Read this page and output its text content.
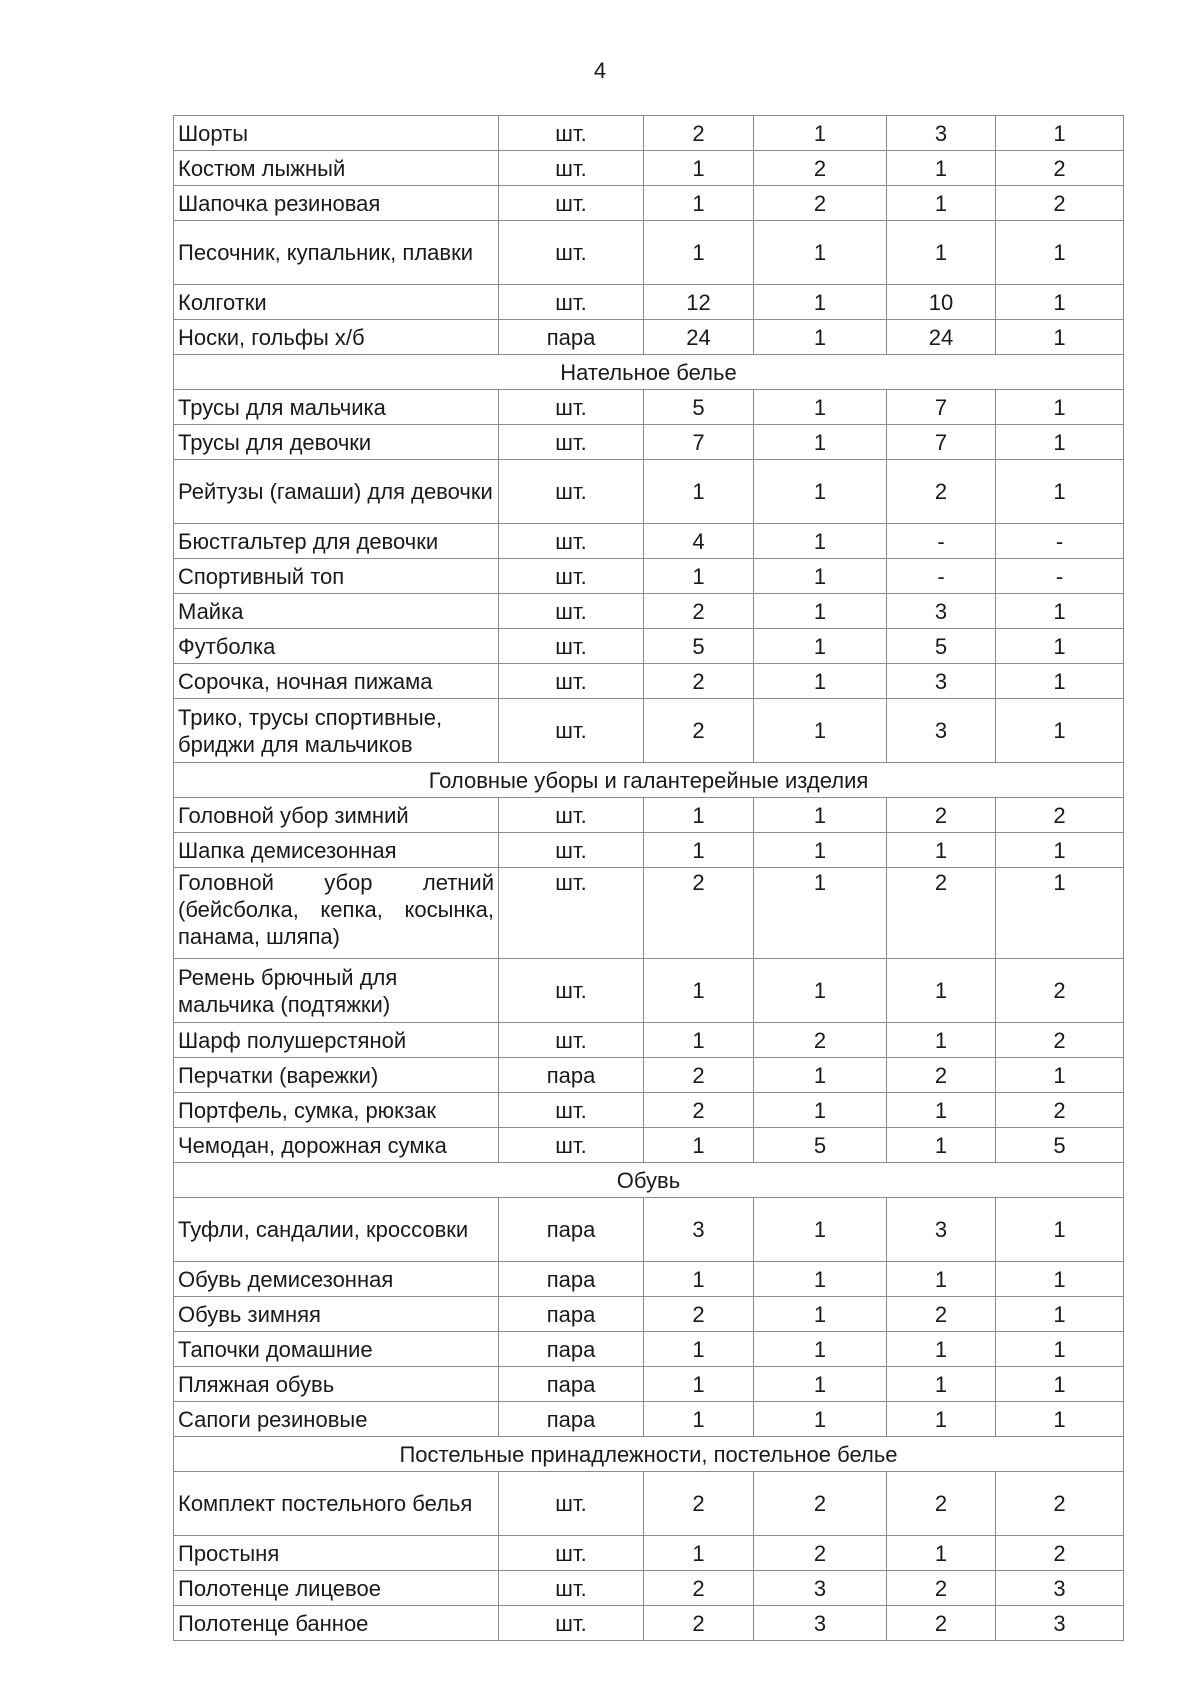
4
Шорты	шт.	2	1	3	1
Костюм лыжный	шт.	1	2	1	2
Шапочка резиновая	шт.	1	2	1	2
Песочник, купальник, плавки	шт.	1	1	1	1
Колготки	шт.	12	1	10	1
Носки, гольфы х/б	пара	24	1	24	1
Нательное белье					
Трусы для мальчика	шт.	5	1	7	1
Трусы для девочки	шт.	7	1	7	1
Рейтузы (гамаши) для девочки	шт.	1	1	2	1
Бюстгальтер для девочки	шт.	4	1	-	-
Спортивный топ	шт.	1	1	-	-
Майка	шт.	2	1	3	1
Футболка	шт.	5	1	5	1
Сорочка, ночная пижама	шт.	2	1	3	1
Трико, трусы спортивные, бриджи для мальчиков	шт.	2	1	3	1
Головные уборы и галантерейные изделия					
Головной убор зимний	шт.	1	1	2	2
Шапка демисезонная	шт.	1	1	1	1
Головной убор летний (бейсболка, кепка, косынка, панама, шляпа)	шт.	2	1	2	1
Ремень брючный для мальчика (подтяжки)	шт.	1	1	1	2
Шарф полушерстяной	шт.	1	2	1	2
Перчатки (варежки)	пара	2	1	2	1
Портфель, сумка, рюкзак	шт.	2	1	1	2
Чемодан, дорожная сумка	шт.	1	5	1	5
Обувь					
Туфли, сандалии, кроссовки	пара	3	1	3	1
Обувь демисезонная	пара	1	1	1	1
Обувь зимняя	пара	2	1	2	1
Тапочки домашние	пара	1	1	1	1
Пляжная обувь	пара	1	1	1	1
Сапоги резиновые	пара	1	1	1	1
Постельные принадлежности, постельное белье					
Комплект постельного белья	шт.	2	2	2	2
Простыня	шт.	1	2	1	2
Полотенце лицевое	шт.	2	3	2	3
Полотенце банное	шт.	2	3	2	3
